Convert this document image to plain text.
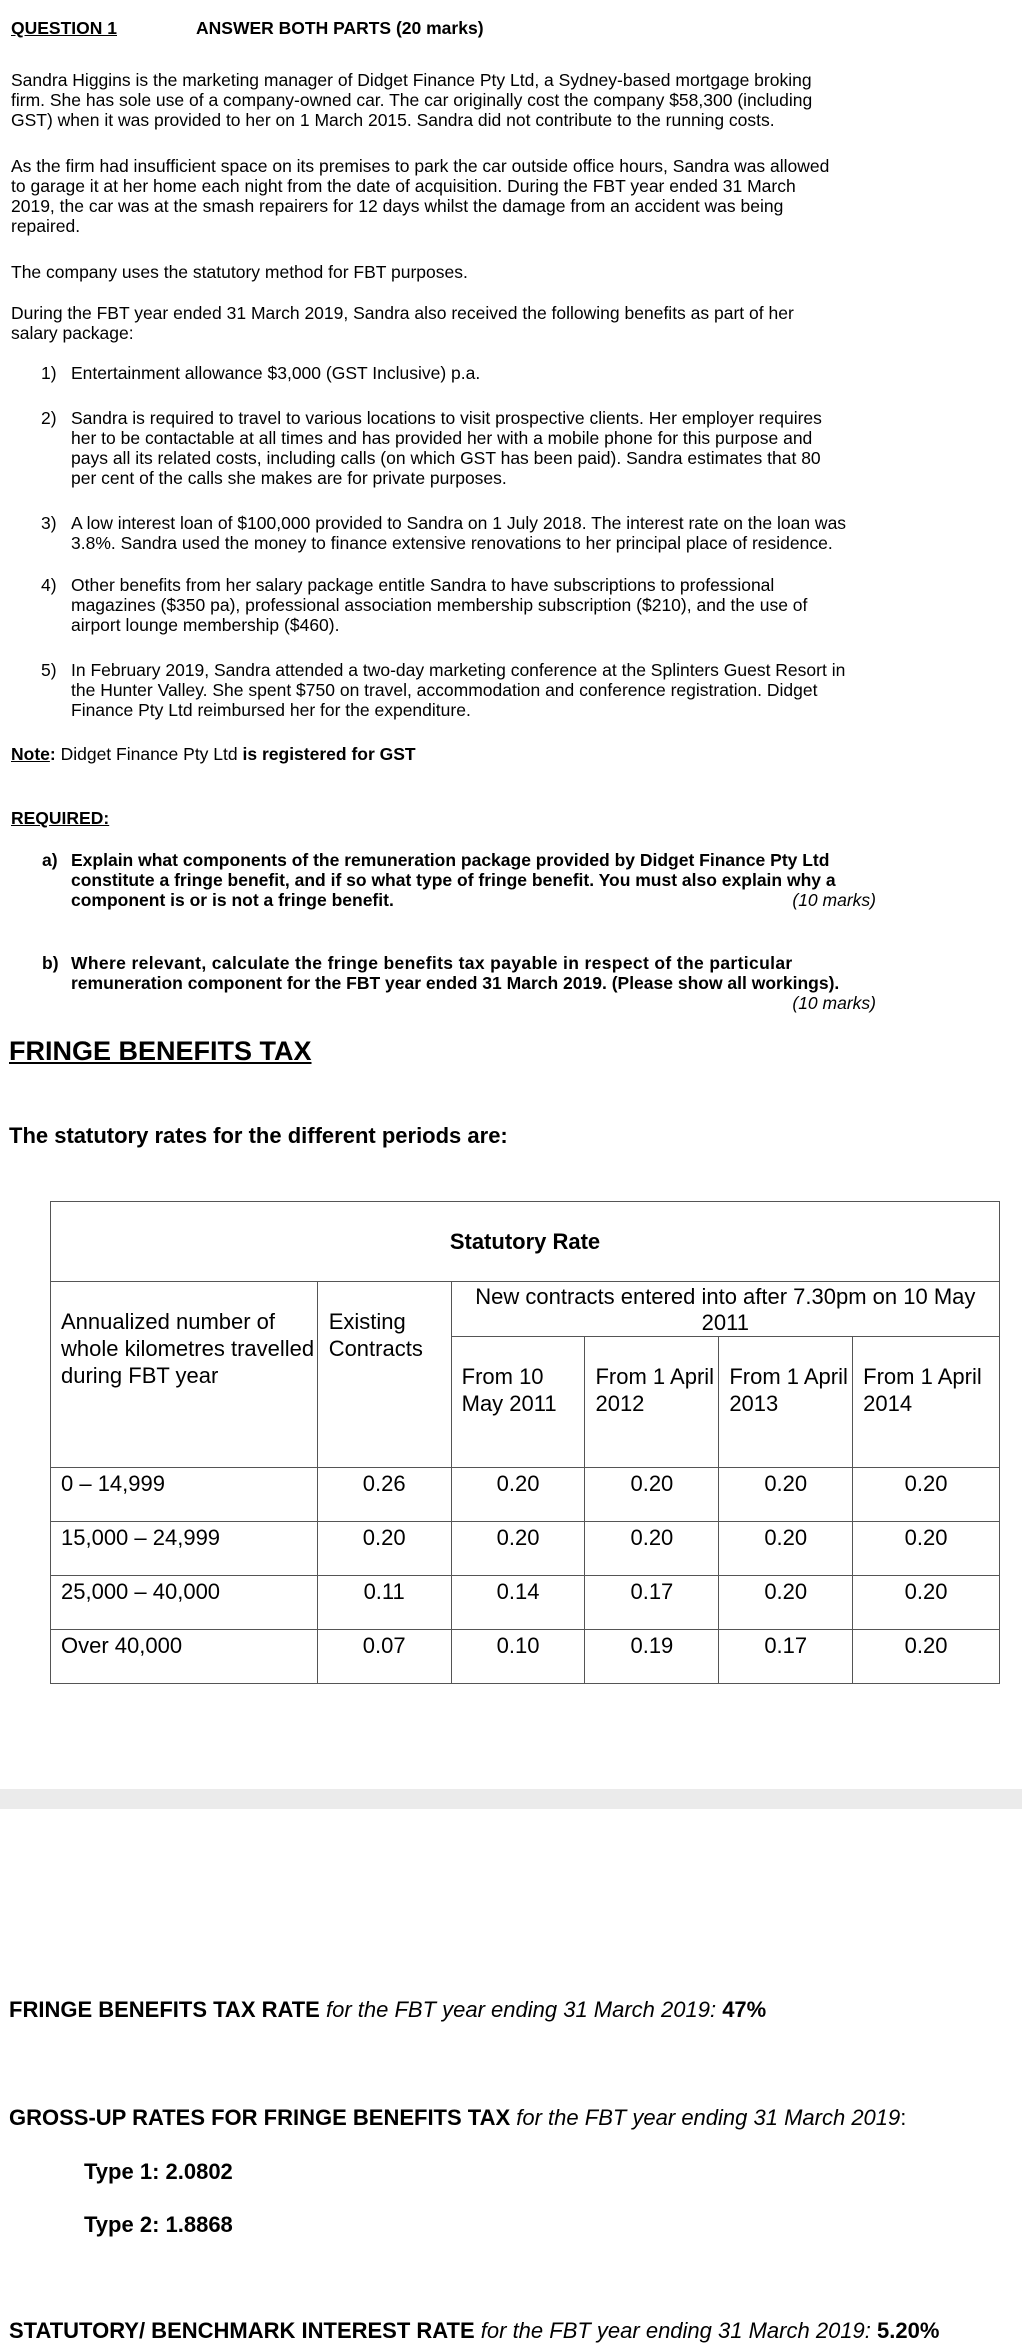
QUESTION 1	ANSWER BOTH PARTS (20 marks)
Sandra Higgins is the marketing manager of Didget Finance Pty Ltd, a Sydney-based mortgage broking
firm. She has sole use of a company-owned car. The car originally cost the company $58,300 (including
GST) when it was provided to her on 1 March 2015. Sandra did not contribute to the running costs.
As the firm had insufficient space on its premises to park the car outside office hours, Sandra was allowed
to garage it at her home each night from the date of acquisition. During the FBT year ended 31 March
2019, the car was at the smash repairers for 12 days whilst the damage from an accident was being
repaired.
The company uses the statutory method for FBT purposes.
During the FBT year ended 31 March 2019, Sandra also received the following benefits as part of her
salary package:
1) Entertainment allowance $3,000 (GST Inclusive) p.a.
2) Sandra is required to travel to various locations to visit prospective clients. Her employer requires
her to be contactable at all times and has provided her with a mobile phone for this purpose and
pays all its related costs, including calls (on which GST has been paid). Sandra estimates that 80
per cent of the calls she makes are for private purposes.
3) A low interest loan of $100,000 provided to Sandra on 1 July 2018. The interest rate on the loan was
3.8%. Sandra used the money to finance extensive renovations to her principal place of residence.
4) Other benefits from her salary package entitle Sandra to have subscriptions to professional
magazines ($350 pa), professional association membership subscription ($210), and the use of
airport lounge membership ($460).
5) In February 2019, Sandra attended a two-day marketing conference at the Splinters Guest Resort in
the Hunter Valley. She spent $750 on travel, accommodation and conference registration. Didget
Finance Pty Ltd reimbursed her for the expenditure.
Note: Didget Finance Pty Ltd is registered for GST
REQUIRED:
a) Explain what components of the remuneration package provided by Didget Finance Pty Ltd
constitute a fringe benefit, and if so what type of fringe benefit. You must also explain why a
component is or is not a fringe benefit.	(10 marks)
b) Where relevant, calculate the fringe benefits tax payable in respect of the particular
remuneration component for the FBT year ended 31 March 2019. (Please show all workings).
(10 marks)
FRINGE BENEFITS TAX
The statutory rates for the different periods are:
Statutory Rate					
Annualized number of whole kilometres travelled during FBT year	Existing Contracts	New contracts entered into after 7.30pm on 10 May 2011			
		From 10 May 2011	From 1 April 2012	From 1 April 2013	From 1 April 2014
0 – 14,999	0.26	0.20	0.20	0.20	0.20
15,000 – 24,999	0.20	0.20	0.20	0.20	0.20
25,000 – 40,000	0.11	0.14	0.17	0.20	0.20
Over 40,000	0.07	0.10	0.19	0.17	0.20
FRINGE BENEFITS TAX RATE for the FBT year ending 31 March 2019: 47%
GROSS-UP RATES FOR FRINGE BENEFITS TAX for the FBT year ending 31 March 2019:
Type 1: 2.0802
Type 2: 1.8868
STATUTORY/ BENCHMARK INTEREST RATE for the FBT year ending 31 March 2019: 5.20%
